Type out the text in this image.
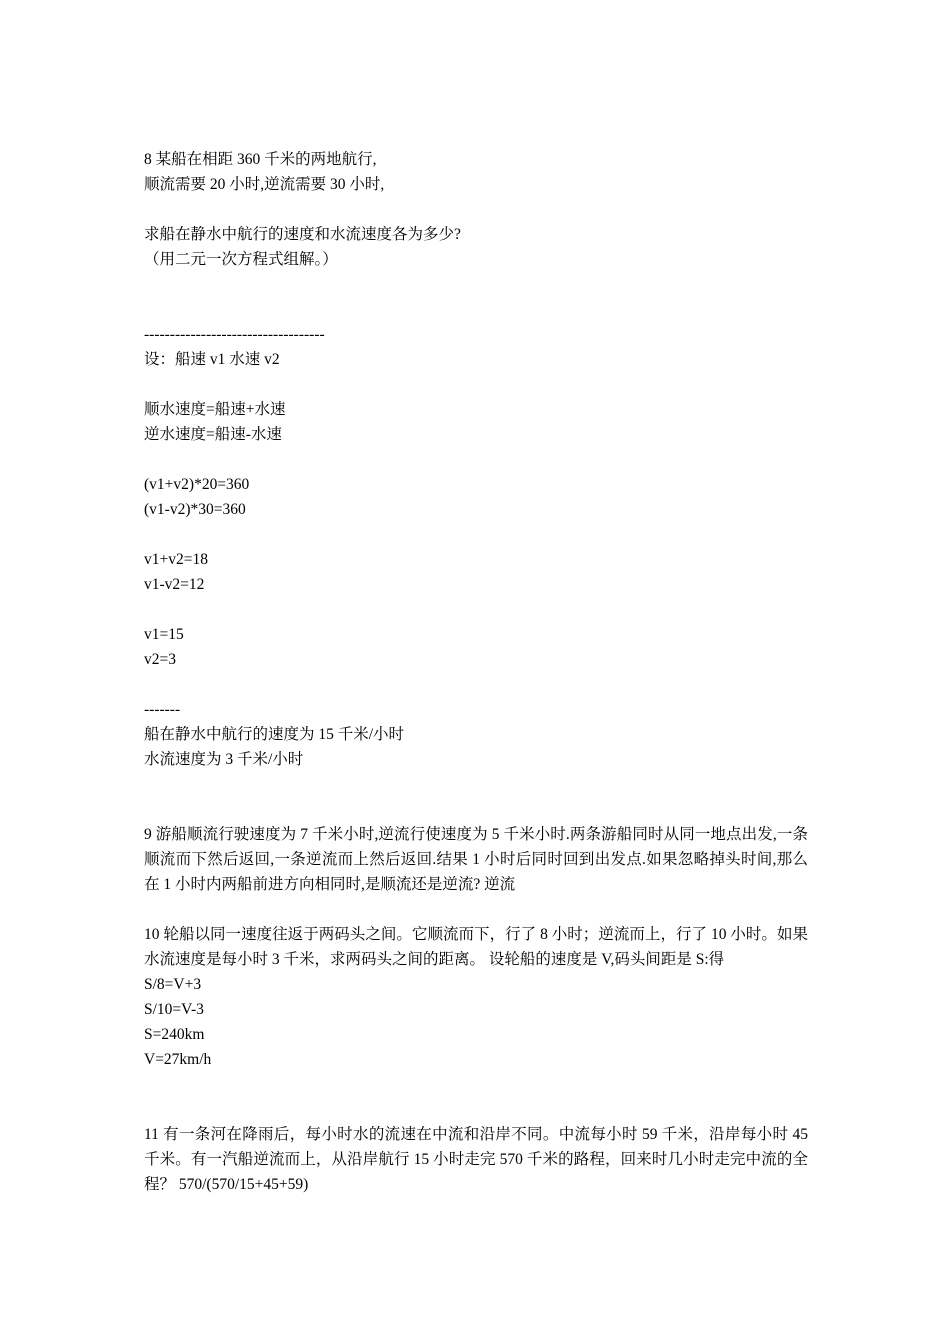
8 某船在相距 360 千米的两地航行,
顺流需要 20 小时,逆流需要 30 小时,
求船在静水中航行的速度和水流速度各为多少?
（用二元一次方程式组解。）
-----------------------------------
设：船速 v1 水速 v2
顺水速度=船速+水速
逆水速度=船速-水速
(v1+v2)*20=360
(v1-v2)*30=360
v1+v2=18
v1-v2=12
v1=15
v2=3
-------
船在静水中航行的速度为 15 千米/小时
水流速度为 3 千米/小时
9 游船顺流行驶速度为 7 千米小时,逆流行使速度为 5 千米小时.两条游船同时从同一地点出发,一条顺流而下然后返回,一条逆流而上然后返回.结果 1 小时后同时回到出发点.如果忽略掉头时间,那么在 1 小时内两船前进方向相同时,是顺流还是逆流? 逆流
10 轮船以同一速度往返于两码头之间。它顺流而下，行了 8 小时；逆流而上，行了 10 小时。如果水流速度是每小时 3 千米，求两码头之间的距离。 设轮船的速度是 V,码头间距是 S:得
S/8=V+3
S/10=V-3
S=240km
V=27km/h
11 有一条河在降雨后，每小时水的流速在中流和沿岸不同。中流每小时 59 千米，沿岸每小时 45 千米。有一汽船逆流而上，从沿岸航行 15 小时走完 570 千米的路程，回来时几小时走完中流的全程？ 570/(570/15+45+59)
